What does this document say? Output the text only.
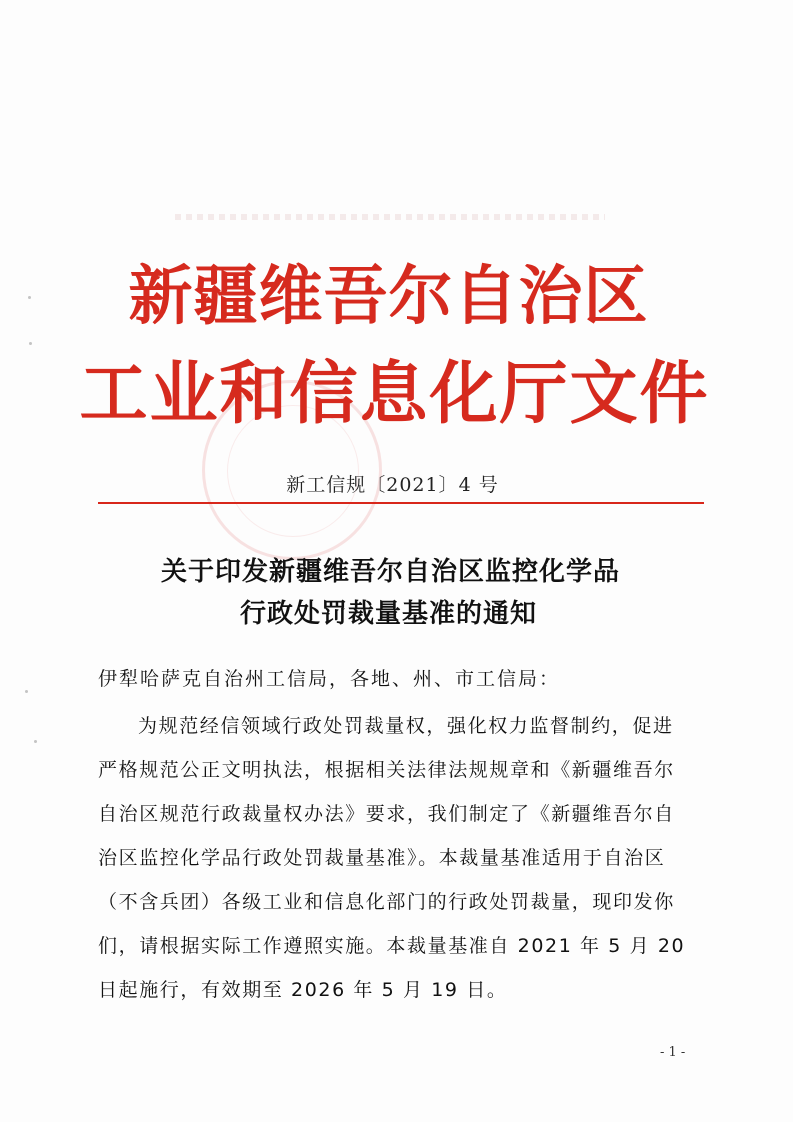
新疆维吾尔自治区
工业和信息化厅文件
新工信规〔2021〕4 号
关于印发新疆维吾尔自治区监控化学品
行政处罚裁量基准的通知
伊犁哈萨克自治州工信局，各地、州、市工信局：
为规范经信领域行政处罚裁量权，强化权力监督制约，促进
严格规范公正文明执法，根据相关法律法规规章和《新疆维吾尔
自治区规范行政裁量权办法》要求，我们制定了《新疆维吾尔自
治区监控化学品行政处罚裁量基准》。本裁量基准适用于自治区
（不含兵团）各级工业和信息化部门的行政处罚裁量，现印发你
们，请根据实际工作遵照实施。本裁量基准自 2021 年 5 月 20
日起施行，有效期至 2026 年 5 月 19 日。
- 1 -
